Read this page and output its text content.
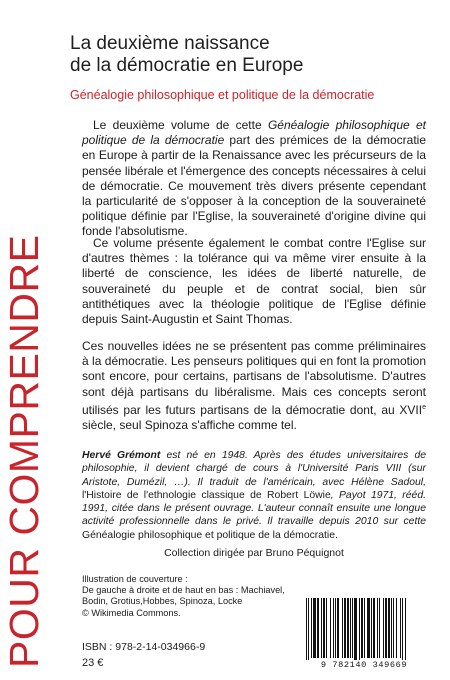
POUR COMPRENDRE
La deuxième naissance
de la démocratie en Europe
Généalogie philosophique et politique de la démocratie
Le deuxième volume de cette Généalogie philosophique et politique de la démocratie part des prémices de la démocratie en Europe à partir de la Renaissance avec les précurseurs de la pensée libérale et l'émergence des concepts nécessaires à celui de démocratie. Ce mouvement très divers présente cependant la particularité de s'opposer à la conception de la souveraineté politique définie par l'Eglise, la souveraineté d'origine divine qui fonde l'absolutisme.
Ce volume présente également le combat contre l'Eglise sur d'autres thèmes : la tolérance qui va même virer ensuite à la liberté de conscience, les idées de liberté naturelle, de souveraineté du peuple et de contrat social, bien sûr antithétiques avec la théologie politique de l'Eglise définie depuis Saint-Augustin et Saint Thomas.
Ces nouvelles idées ne se présentent pas comme préliminaires à la démocratie. Les penseurs politiques qui en font la promotion sont encore, pour certains, partisans de l'absolutisme. D'autres sont déjà partisans du libéralisme. Mais ces concepts seront utilisés par les futurs partisans de la démocratie dont, au XVIIe siècle, seul Spinoza s'affiche comme tel.
Hervé Grémont est né en 1948. Après des études universitaires de philosophie, il devient chargé de cours à l'Université Paris VIII (sur Aristote, Dumézil, …). Il traduit de l'américain, avec Hélène Sadoul, l'Histoire de l'ethnologie classique de Robert Löwie, Payot 1971, rééd. 1991, citée dans le présent ouvrage. L'auteur connaît ensuite une longue activité professionnelle dans le privé. Il travaille depuis 2010 sur cette Généalogie philosophique et politique de la démocratie.
Collection dirigée par Bruno Péquignot
Illustration de couverture :
De gauche à droite et de haut en bas : Machiavel, Bodin, Grotius,Hobbes, Spinoza, Locke
© Wikimedia Commons.
ISBN : 978-2-14-034966-9
23 €	9 782140 349669
